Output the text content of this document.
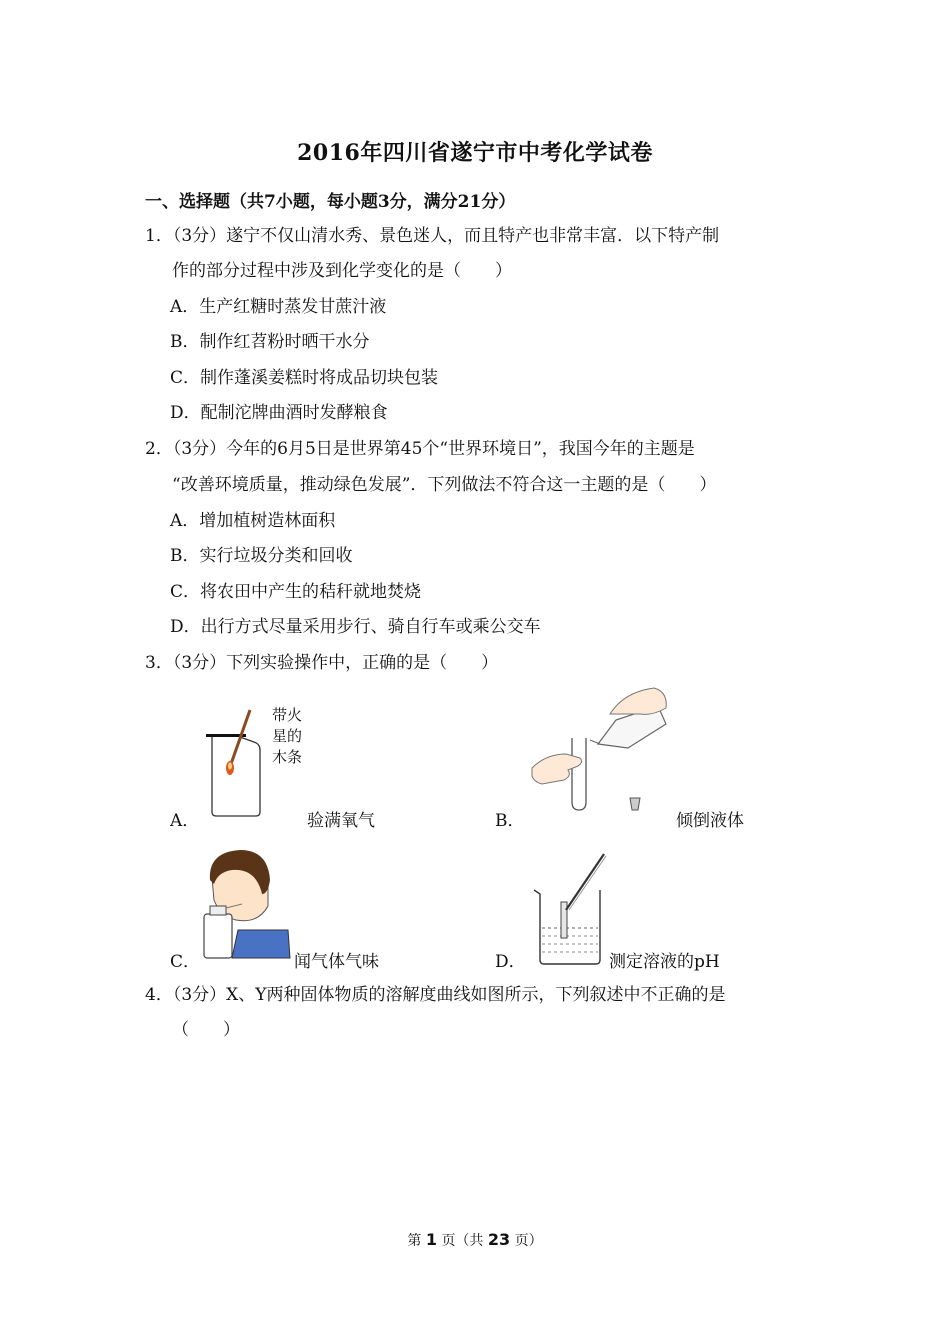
2016年四川省遂宁市中考化学试卷
一、选择题（共7小题，每小题3分，满分21分）
1．（3分）遂宁不仅山清水秀、景色迷人，而且特产也非常丰富．以下特产制
作的部分过程中涉及到化学变化的是（　　）
A．生产红糖时蒸发甘蔗汁液
B．制作红苕粉时晒干水分
C．制作蓬溪姜糕时将成品切块包装
D．配制沱牌曲酒时发酵粮食
2．（3分）今年的6月5日是世界第45个“世界环境日”，我国今年的主题是
“改善环境质量，推动绿色发展”．下列做法不符合这一主题的是（　　）
A．增加植树造林面积
B．实行垃圾分类和回收
C．将农田中产生的秸秆就地焚烧
D．出行方式尽量采用步行、骑自行车或乘公交车
3．（3分）下列实验操作中，正确的是（　　）
A．
带火
星的
木条
验满氧气	B．	倾倒液体
C．	闻气体气味	D．	测定溶液的pH
4．（3分）X、Y两种固体物质的溶解度曲线如图所示，下列叙述中不正确的是
（　　）
第 1 页（共 23 页）
